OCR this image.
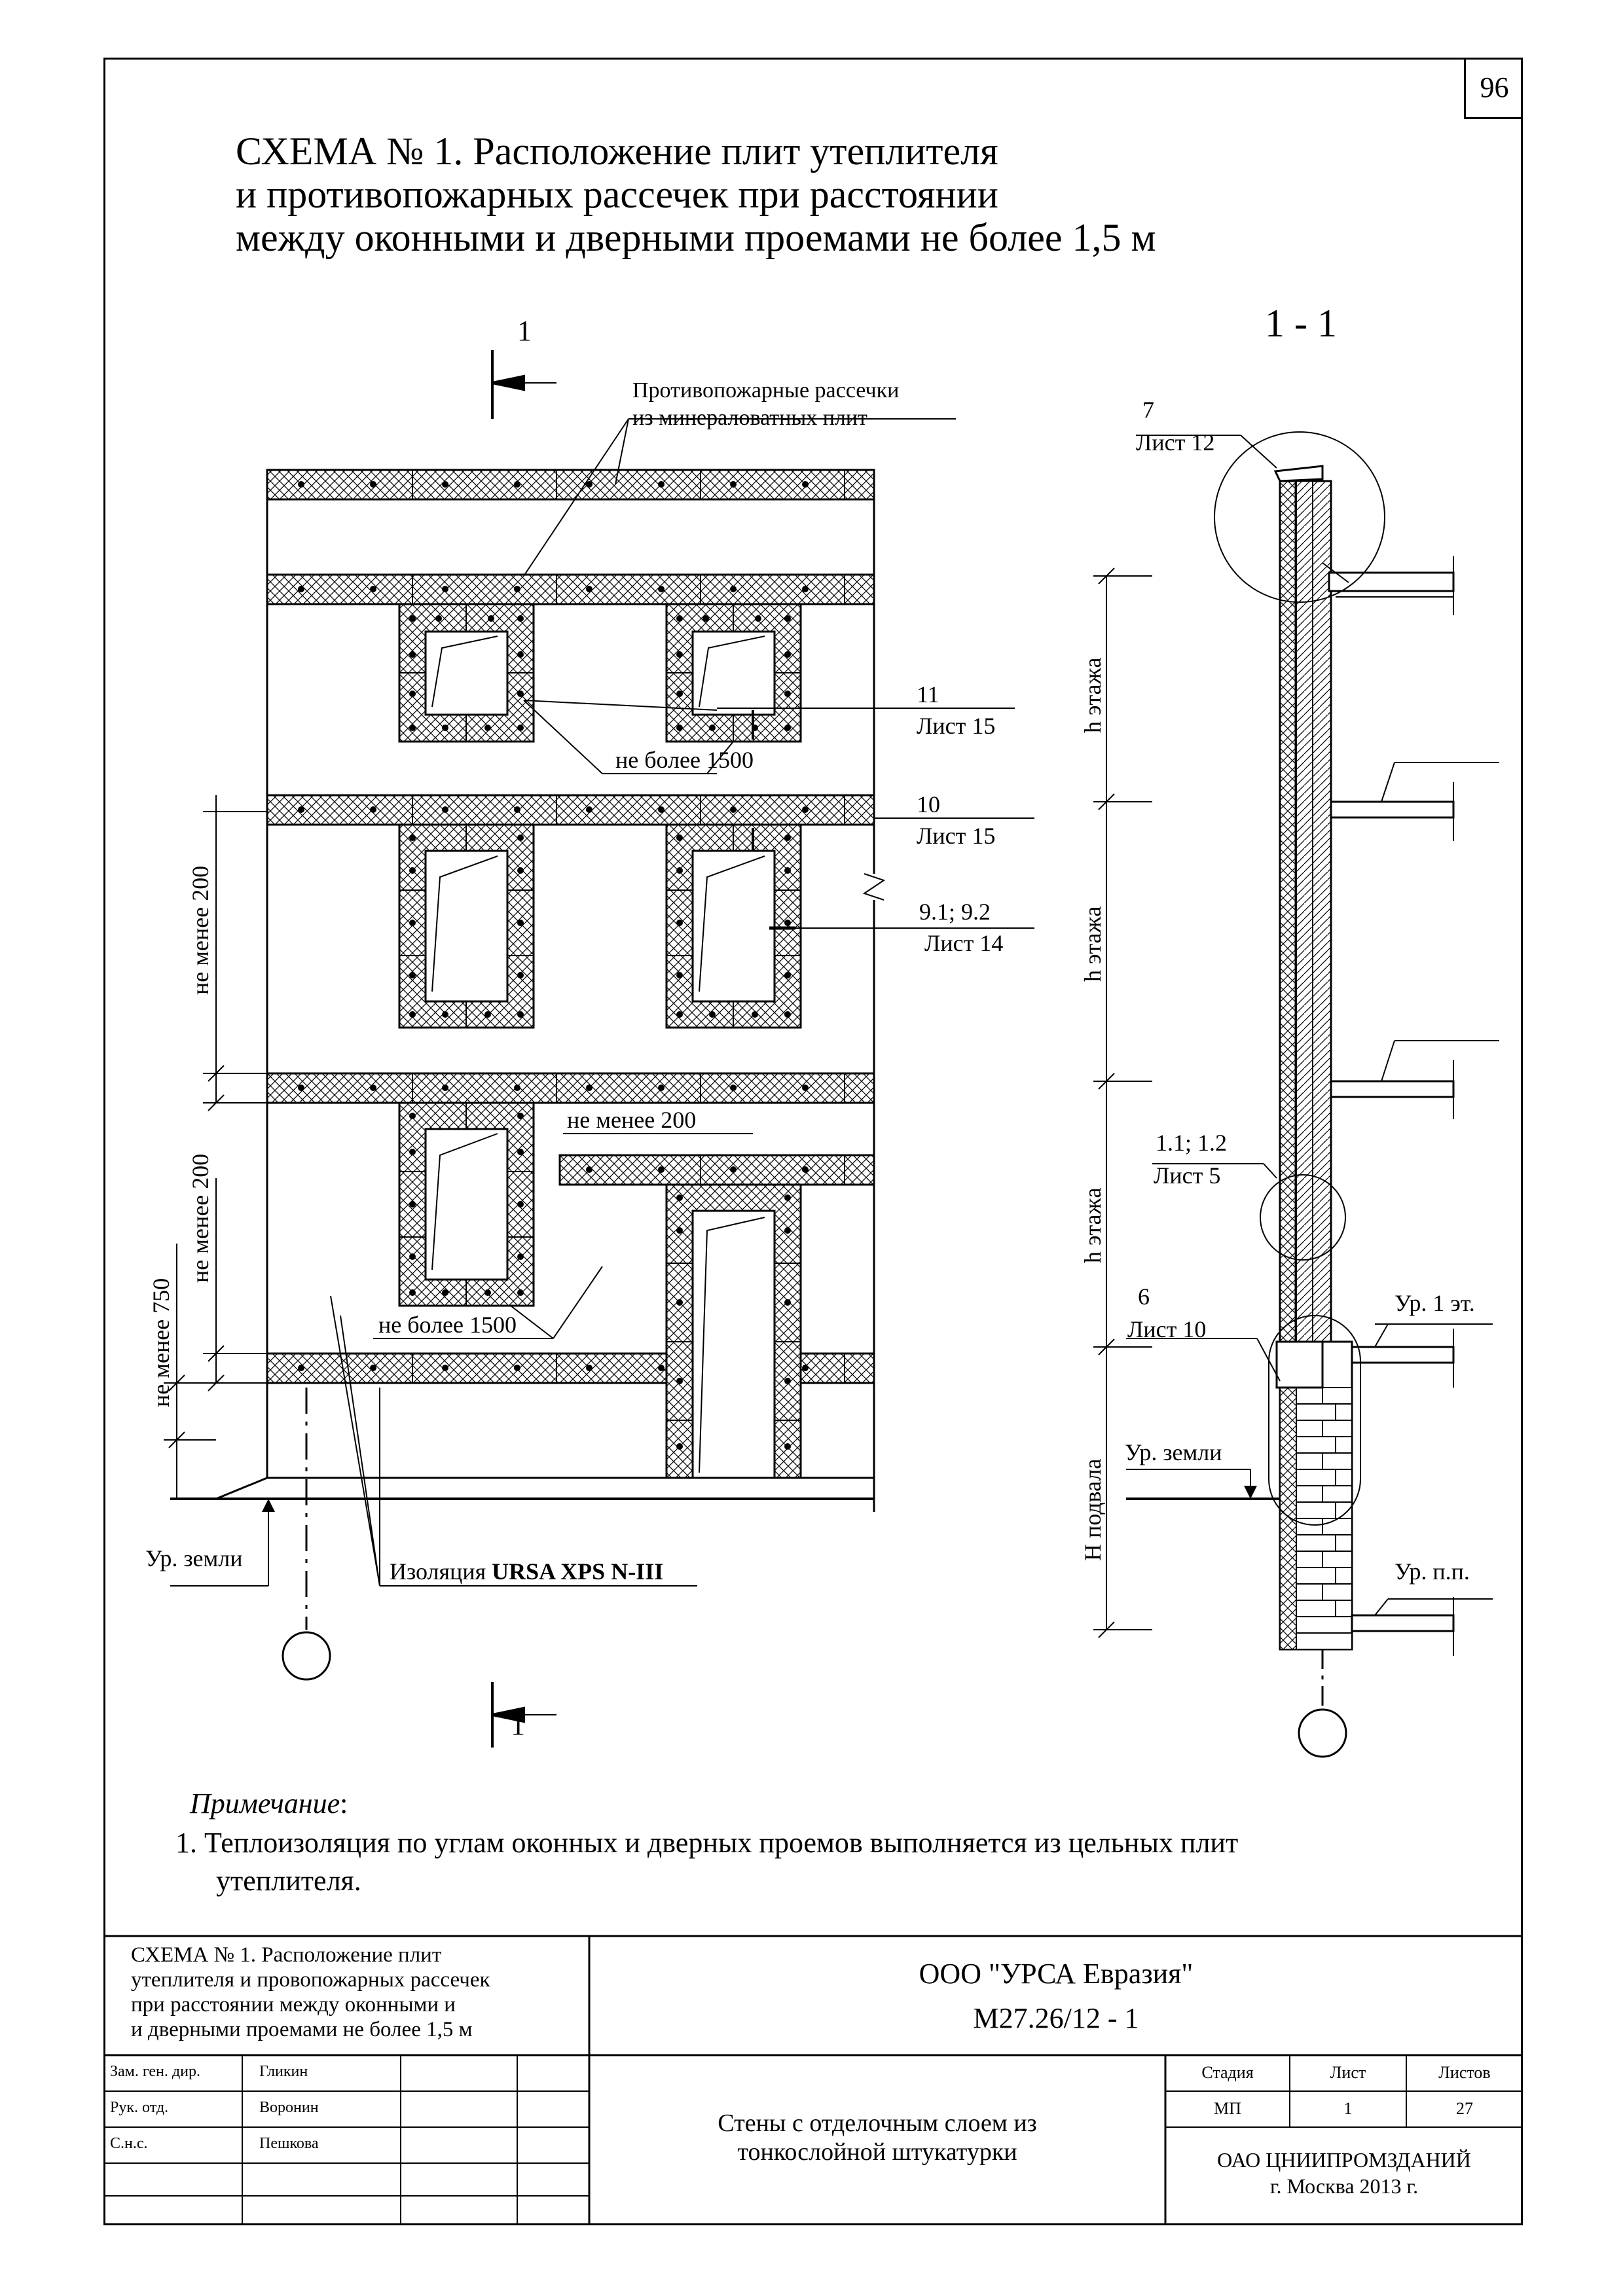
96
СХЕМА № 1. Расположение плит утеплителя
и противопожарных рассечек при расстоянии
между оконными и дверными проемами не более 1,5 м
1 - 1
1
1
Противопожарные рассечки
из минераловатных плит
11
Лист 15
10
Лист 15
9.1; 9.2
Лист 14
не более 1500
не менее 200
не более 1500
не менее 200
не менее 200
не менее 750
Ур. земли	Изоляция URSA XPS N-III
7
Лист 12
1.1; 1.2
Лист 5
6
Лист 10
h этажа
h этажа
h этажа
H подвала
Ур. 1 эт.
Ур. земли
Ур. п.п.
Примечание:
1. Теплоизоляция по углам оконных и дверных проемов выполняется из цельных плит
утеплителя.
СХЕМА № 1. Расположение плит
утеплителя и провопожарных рассечек
при расстоянии между оконными и
и дверными проемами не более 1,5 м
ООО "УРСА Евразия"
М27.26/12 - 1
Зам. ген. дир.	Гликин
Рук. отд.	Воронин
С.н.с.	Пешкова
Стены с отделочным слоем из
тонкослойной штукатурки
Стадия	Лист	Листов
МП	1	27
ОАО ЦНИИПРОМЗДАНИЙ
г. Москва 2013 г.
